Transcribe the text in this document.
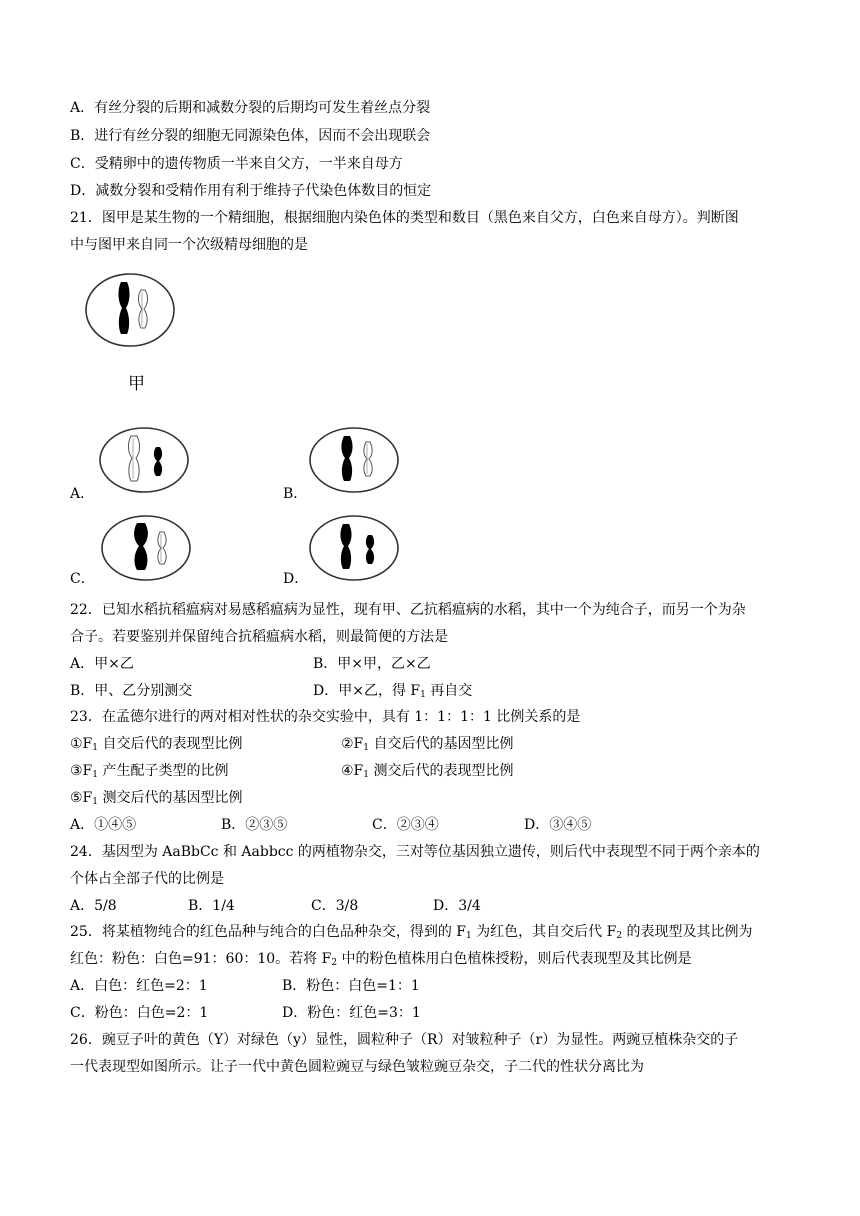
A．有丝分裂的后期和减数分裂的后期均可发生着丝点分裂
B．进行有丝分裂的细胞无同源染色体，因而不会出现联会
C．受精卵中的遗传物质一半来自父方，一半来自母方
D．减数分裂和受精作用有利于维持子代染色体数目的恒定
21．图甲是某生物的一个精细胞，根据细胞内染色体的类型和数目（黑色来自父方，白色来自母方）。判断图
中与图甲来自同一个次级精母细胞的是
甲
A．	B．
C．	D．
22．已知水稻抗稻瘟病对易感稻瘟病为显性，现有甲、乙抗稻瘟病的水稻，其中一个为纯合子，而另一个为杂
合子。若要鉴别并保留纯合抗稻瘟病水稻，则最简便的方法是
A．甲×乙	B．甲×甲，乙×乙
B．甲、乙分别测交	D．甲×乙，得 $F_1$ 再自交
23．在孟德尔进行的两对相对性状的杂交实验中，具有 1：1：1：1 比例关系的是
$①F_1$ 自交后代的表现型比例	$②F_1$ 自交后代的基因型比例
$③F_1$ 产生配子类型的比例	$④F_1$ 测交后代的表现型比例
$⑤F_1$ 测交后代的基因型比例
A．①④⑤	B．②③⑤	C．②③④	D．③④⑤
24．基因型为 AaBbCc 和 Aabbcc 的两植物杂交，三对等位基因独立遗传，则后代中表现型不同于两个亲本的
个体占全部子代的比例是
A．5/8	B．1/4	C．3/8	D．3/4
25．将某植物纯合的红色品种与纯合的白色品种杂交，得到的 $F_1$ 为红色，其自交后代 $F_2$ 的表现型及其比例为
红色：粉色：白色=91：60：10。若将 $F_2$ 中的粉色植株用白色植株授粉，则后代表现型及其比例是
A．白色：红色=2：1	B．粉色：白色=1：1
C．粉色：白色=2：1	D．粉色：红色=3：1
26．豌豆子叶的黄色（Y）对绿色（y）显性，圆粒种子（R）对皱粒种子（r）为显性。两豌豆植株杂交的子
一代表现型如图所示。让子一代中黄色圆粒豌豆与绿色皱粒豌豆杂交，子二代的性状分离比为
